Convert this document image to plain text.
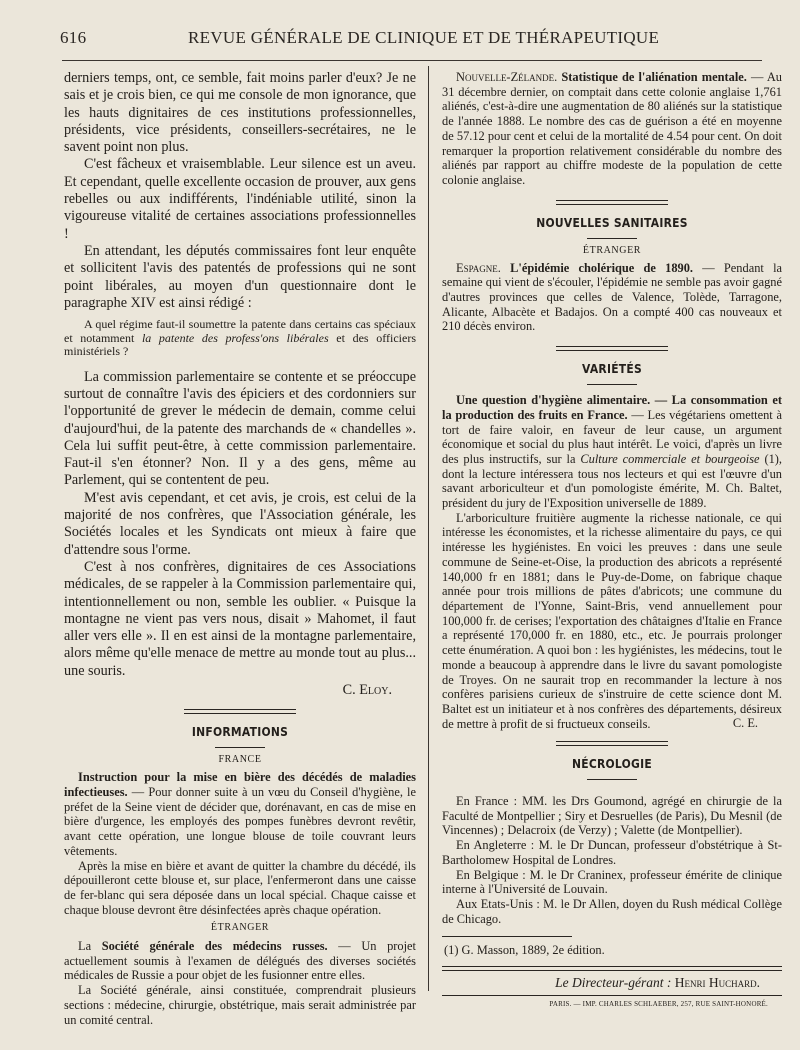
616	REVUE GÉNÉRALE DE CLINIQUE ET DE THÉRAPEUTIQUE

derniers temps, ont, ce semble, fait moins parler d'eux? Je ne sais et je crois bien, ce qui me console de mon ignorance, que les hauts dignitaires de ces institutions professionnelles, présidents, vice présidents, conseillers-secrétaires, ne le savent point non plus.

C'est fâcheux et vraisemblable. Leur silence est un aveu. Et cependant, quelle excellente occasion de prouver, aux gens rebelles ou aux indifférents, l'indéniable utilité, sinon la vigoureuse vitalité de certaines associations professionnelles !

En attendant, les députés commissaires font leur enquête et sollicitent l'avis des patentés de professions qui ne sont point libérales, au moyen d'un questionnaire dont le paragraphe XIV est ainsi rédigé :

A quel régime faut-il soumettre la patente dans certains cas spéciaux et notamment la patente des profess'ons libérales et des officiers ministériels ?

La commission parlementaire se contente et se préoccupe surtout de connaître l'avis des épiciers et des cordonniers sur l'opportunité de grever le médecin de demain, comme celui d'aujourd'hui, de la patente des marchands de « chandelles ». Cela lui suffit peut-être, à cette commission parlementaire. Faut-il s'en étonner? Non. Il y a des gens, même au Parlement, qui se contentent de peu.

M'est avis cependant, et cet avis, je crois, est celui de la majorité de nos confrères, que l'Association générale, les Sociétés locales et les Syndicats ont mieux à faire que d'attendre sous l'orme.

C'est à nos confrères, dignitaires de ces Associations médicales, de se rappeler à la Commission parlementaire qui, intentionnellement ou non, semble les oublier. « Puisque la montagne ne vient pas vers nous, disait » Mahomet, il faut aller vers elle ». Il en est ainsi de la montagne parlementaire, alors même qu'elle menace de mettre au monde tout au plus... une souris.

C. Eloy.

INFORMATIONS
FRANCE

Instruction pour la mise en bière des décédés de maladies infectieuses. — Pour donner suite à un vœu du Conseil d'hygiène, le préfet de la Seine vient de décider que, dorénavant, en cas de mise en bière d'urgence, les employés des pompes funèbres devront revêtir, avant cette opération, une longue blouse de toile couvrant leurs vêtements.

Après la mise en bière et avant de quitter la chambre du décédé, ils dépouilleront cette blouse et, sur place, l'enfermeront dans une caisse de fer-blanc qui sera déposée dans un local spécial. Chaque caisse et chaque blouse devront être désinfectées après chaque opération.

ÉTRANGER

La Société générale des médecins russes. — Un projet actuellement soumis à l'examen de délégués des diverses sociétés médicales de Russie a pour objet de les fusionner entre elles.

La Société générale, ainsi constituée, comprendrait plusieurs sections : médecine, chirurgie, obstétrique, mais serait administrée par un comité central.

Nouvelle-Zélande. Statistique de l'aliénation mentale. — Au 31 décembre dernier, on comptait dans cette colonie anglaise 1,761 aliénés, c'est-à-dire une augmentation de 80 aliénés sur la statistique de l'année 1888. Le nombre des cas de guérison a été en moyenne de 57.12 pour cent et celui de la mortalité de 4.54 pour cent. On doit remarquer la proportion relativement considérable du nombre des aliénés par rapport au chiffre modeste de la population de cette colonie anglaise.

NOUVELLES SANITAIRES
ÉTRANGER

Espagne. L'épidémie cholérique de 1890. — Pendant la semaine qui vient de s'écouler, l'épidémie ne semble pas avoir gagné d'autres provinces que celles de Valence, Tolède, Tarragone, Alicante, Albacète et Badajos. On a compté 400 cas nouveaux et 210 décès environ.

VARIÉTÉS

Une question d'hygiène alimentaire. — La consommation et la production des fruits en France. — Les végétariens omettent à tort de faire valoir, en faveur de leur cause, un argument économique et social du plus haut intérêt. Le voici, d'après un livre des plus instructifs, sur la Culture commerciale et bourgeoise (1), dont la lecture intéressera tous nos lecteurs et qui est l'œuvre d'un savant arboriculteur et d'un pomologiste émérite, M. Ch. Baltet, président du jury de l'Exposition universelle de 1889.

L'arboriculture fruitière augmente la richesse nationale, ce qui intéresse les économistes, et la richesse alimentaire du pays, ce qui intéresse les hygiénistes. En voici les preuves : dans une seule commune de Seine-et-Oise, la production des abricots a représenté 140,000 fr en 1881; dans le Puy-de-Dome, on fabrique chaque année pour trois millions de pâtes d'abricots; une commune du département de l'Yonne, Saint-Bris, vend annuellement pour 100,000 fr. de cerises; l'exportation des châtaignes d'Italie en France a représenté 170,000 fr. en 1880, etc., etc. Je pourrais prolonger cette énumération. A quoi bon : les hygiénistes, les médecins, tout le monde a beaucoup à apprendre dans le livre du savant pomologiste de Troyes. On ne saurait trop en recommander la lecture à nos confères parisiens curieux de s'instruire de cette science dont M. Baltet est un initiateur et à nos confrères des départements, désireux de mettre à profit de si fructueux conseils.	C. E.

NÉCROLOGIE

En France : MM. les Drs Goumond, agrégé en chirurgie de la Faculté de Montpellier ; Siry et Desruelles (de Paris), Du Mesnil (de Vincennes) ; Delacroix (de Verzy) ; Valette (de Montpellier).

En Angleterre : M. le Dr Duncan, professeur d'obstétrique à St-Bartholomew Hospital de Londres.

En Belgique : M. le Dr Craninex, professeur émérite de clinique interne à l'Université de Louvain.

Aux Etats-Unis : M. le Dr Allen, doyen du Rush médical Collège de Chicago.

(1) G. Masson, 1889, 2e édition.
Le Directeur-gérant : Henri Huchard.
PARIS. — IMP. CHARLES SCHLAEBER, 257, RUE SAINT-HONORÉ.
